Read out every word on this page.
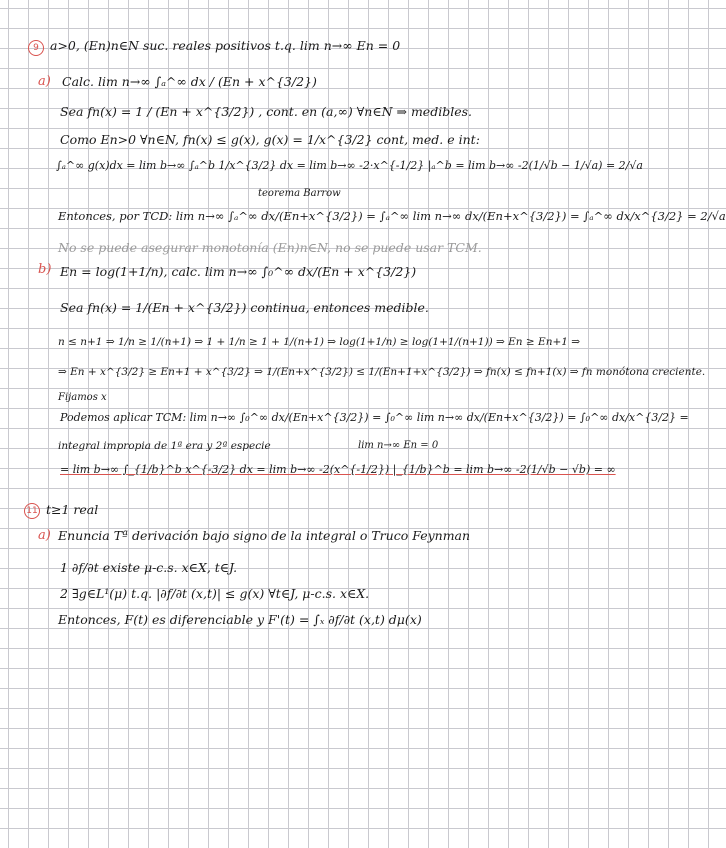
9 a>0, (En)n∈N suc. reales positivos t.q. lim n→∞ En = 0
a) Calc. lim n→∞ ∫ₐ^∞ dx / (En + x^{3/2})
Sea fn(x) = 1 / (En + x^{3/2}) , cont. en (a,∞) ∀n∈N ⇒ medibles.
Como En>0 ∀n∈N, fn(x) ≤ g(x), g(x) = 1/x^{3/2} cont, med. e int:
∫ₐ^∞ g(x)dx = lim b→∞ ∫ₐ^b 1/x^{3/2} dx = lim b→∞ -2·x^{-1/2} |ₐ^b = lim b→∞ -2(1/√b − 1/√a) = 2/√a
teorema Barrow
Entonces, por TCD: lim n→∞ ∫ₐ^∞ dx/(En+x^{3/2}) = ∫ₐ^∞ lim n→∞ dx/(En+x^{3/2}) = ∫ₐ^∞ dx/x^{3/2} = 2/√a
No se puede asegurar monotonía (En)n∈N, no se puede usar TCM.
b) En = log(1+1/n), calc. lim n→∞ ∫₀^∞ dx/(En + x^{3/2})
Sea fn(x) = 1/(En + x^{3/2}) continua, entonces medible.
n ≤ n+1 ⇒ 1/n ≥ 1/(n+1) ⇒ 1 + 1/n ≥ 1 + 1/(n+1) ⇒ log(1+1/n) ≥ log(1+1/(n+1)) ⇒ En ≥ En+1 ⇒
⇒ En + x^{3/2} ≥ En+1 + x^{3/2} ⇒ 1/(En+x^{3/2}) ≤ 1/(En+1+x^{3/2}) ⇒ fn(x) ≤ fn+1(x) ⇒ fn monótona creciente.
Fijamos x
Podemos aplicar TCM: lim n→∞ ∫₀^∞ dx/(En+x^{3/2}) = ∫₀^∞ lim n→∞ dx/(En+x^{3/2}) = ∫₀^∞ dx/x^{3/2} =
integral impropia de 1ª era y 2ª especie	lim n→∞ En = 0
= lim b→∞ ∫_{1/b}^b x^{-3/2} dx = lim b→∞ -2(x^{-1/2}) |_{1/b}^b = lim b→∞ -2(1/√b − √b) = ∞
11 t≥1 real
a) Enuncia Tª derivación bajo signo de la integral o Truco Feynman
1 ∂f/∂t existe μ-c.s. x∈X, t∈J.
2 ∃g∈L¹(μ) t.q. |∂f/∂t (x,t)| ≤ g(x) ∀t∈J, μ-c.s. x∈X.
Entonces, F(t) es diferenciable y F'(t) = ∫ₓ ∂f/∂t (x,t) dμ(x)
